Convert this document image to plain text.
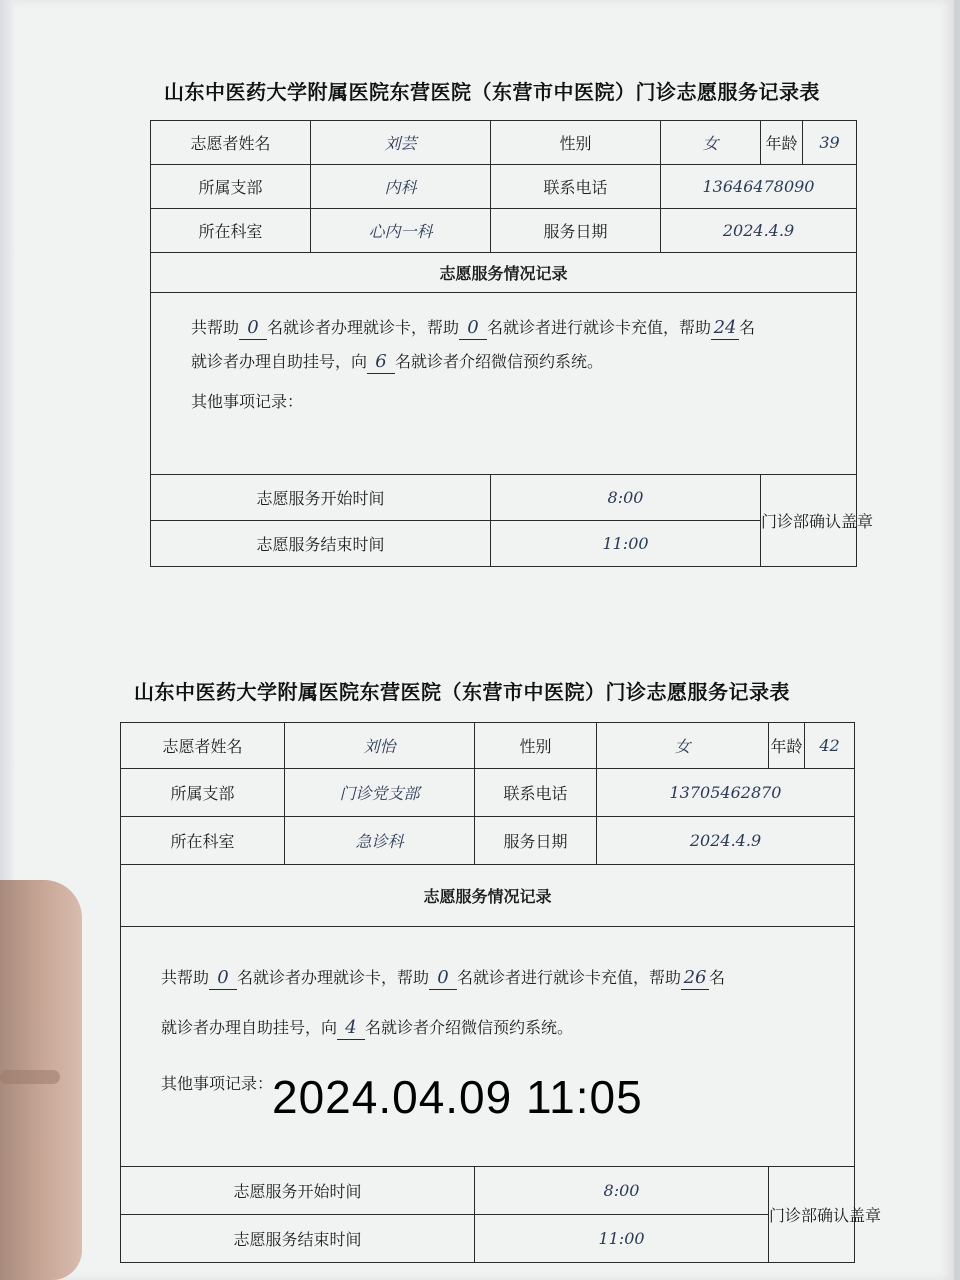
山东中医药大学附属医院东营医院（东营市中医院）门诊志愿服务记录表
志愿者姓名	刘芸	性别	女	年龄	39
所属支部	内科	联系电话	13646478090		
所在科室	心内一科	服务日期	2024.4.9		
志愿服务情况记录					

共帮助 0 名就诊者办理就诊卡，帮助 0 名就诊者进行就诊卡充值，帮助 24 名
就诊者办理自助挂号，向 6 名就诊者介绍微信预约系统。
其他事项记录：					

志愿服务开始时间		8:00		门诊部确认盖章	
志愿服务结束时间		11:00			
山东中医药大学附属医院东营医院（东营市中医院）门诊志愿服务记录表
志愿者姓名	刘怡	性别	女	年龄	42
所属支部	门诊党支部	联系电话	13705462870		
所在科室	急诊科	服务日期	2024.4.9		
志愿服务情况记录					

共帮助 0 名就诊者办理就诊卡，帮助 0 名就诊者进行就诊卡充值，帮助 26 名
就诊者办理自助挂号，向 4 名就诊者介绍微信预约系统。
其他事项记录：					

志愿服务开始时间		8:00		门诊部确认盖章	
志愿服务结束时间		11:00			
2024.04.09 11:05
